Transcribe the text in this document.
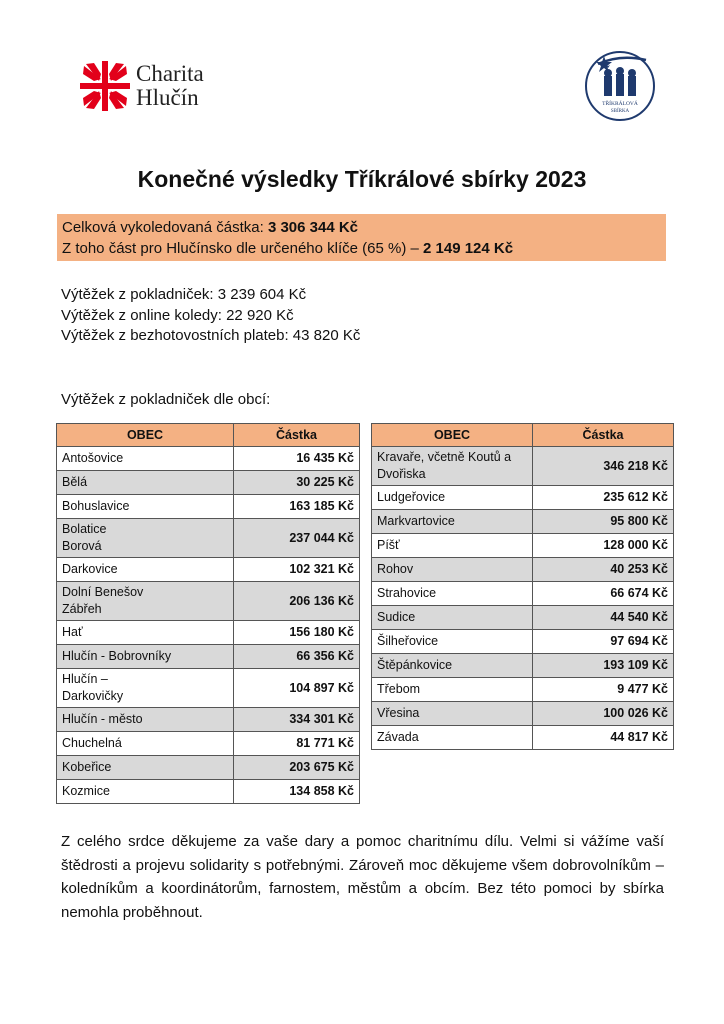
Charita
Hlučín	TŘÍKRÁLOVÁ
SBÍRKA
Konečné výsledky Tříkrálové sbírky 2023
Celková vykoledovaná částka: 3 306 344 Kč
Z toho část pro Hlučínsko dle určeného klíče (65 %) – 2 149 124 Kč
Výtěžek z pokladniček: 3 239 604 Kč
Výtěžek z online koledy: 22 920 Kč
Výtěžek z bezhotovostních plateb: 43 820 Kč
Výtěžek z pokladniček dle obcí:
OBEC	Částka
Antošovice	16 435 Kč
Bělá	30 225 Kč
Bohuslavice	163 185 Kč
Bolatice
Borová	237 044 Kč
Darkovice	102 321 Kč
Dolní Benešov
Zábřeh	206 136 Kč
Hať	156 180 Kč
Hlučín - Bobrovníky	66 356 Kč
Hlučín –
Darkovičky	104 897 Kč
Hlučín - město	334 301 Kč
Chuchelná	81 771 Kč
Kobeřice	203 675 Kč
Kozmice	134 858 Kč
OBEC	Částka
Kravaře, včetně Koutů a
Dvořiska	346 218 Kč
Ludgeřovice	235 612 Kč
Markvartovice	95 800 Kč
Píšť	128 000 Kč
Rohov	40 253 Kč
Strahovice	66 674 Kč
Sudice	44 540 Kč
Šilheřovice	97 694 Kč
Štěpánkovice	193 109 Kč
Třebom	9 477 Kč
Vřesina	100 026 Kč
Závada	44 817 Kč
Z celého srdce děkujeme za vaše dary a pomoc charitnímu dílu. Velmi si vážíme vaší štědrosti a projevu solidarity s potřebnými. Zároveň moc děkujeme všem dobrovolníkům – koledníkům a koordinátorům, farnostem, městům a obcím. Bez této pomoci by sbírka nemohla proběhnout.
